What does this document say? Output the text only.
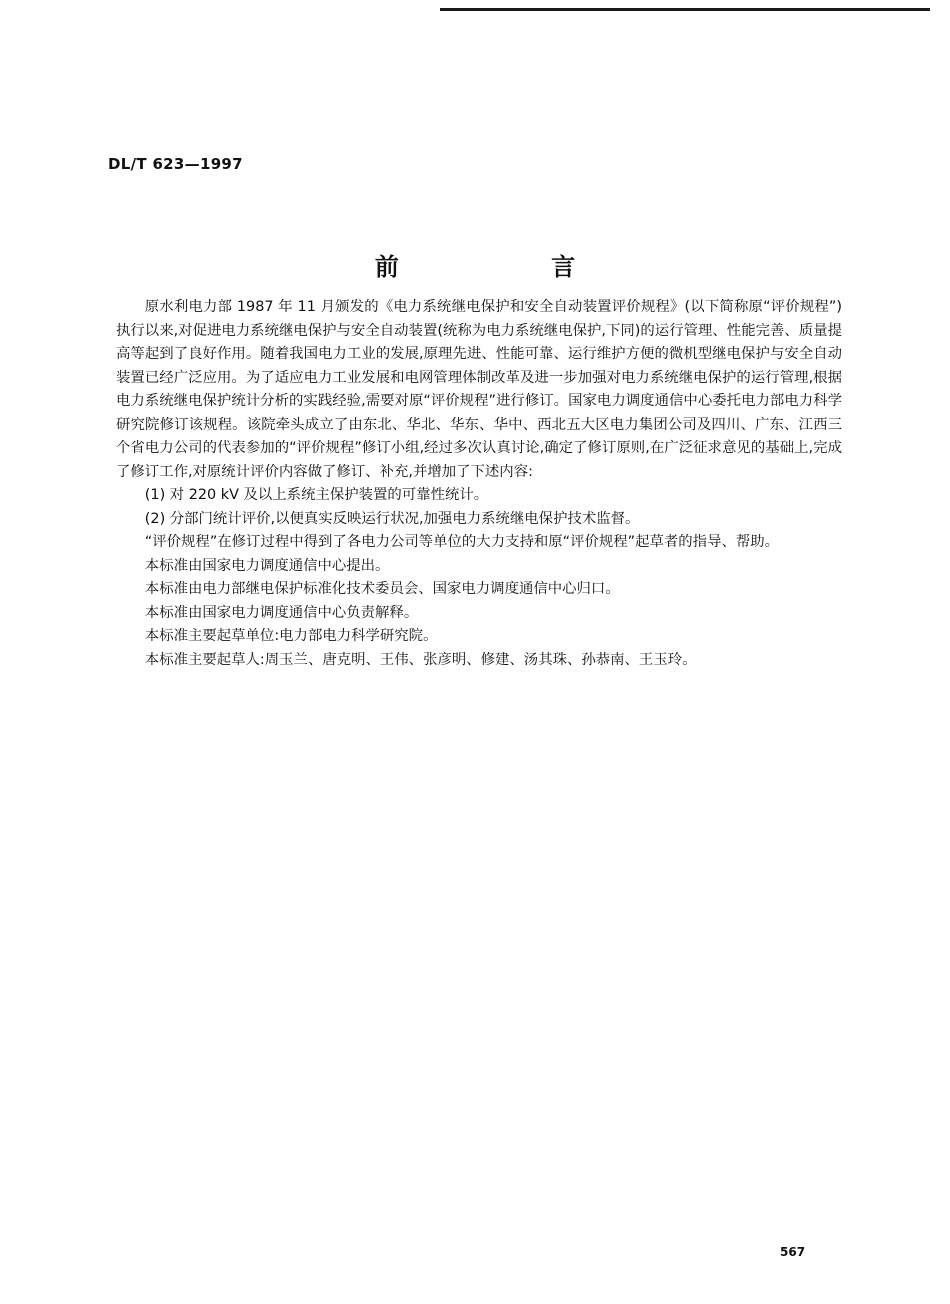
DL/T 623—1997
前 言

原水利电力部 1987 年 11 月颁发的《电力系统继电保护和安全自动装置评价规程》(以下简称原“评价规程”)执行以来,对促进电力系统继电保护与安全自动装置(统称为电力系统继电保护,下同)的运行管理、性能完善、质量提高等起到了良好作用。随着我国电力工业的发展,原理先进、性能可靠、运行维护方便的微机型继电保护与安全自动装置已经广泛应用。为了适应电力工业发展和电网管理体制改革及进一步加强对电力系统继电保护的运行管理,根据电力系统继电保护统计分析的实践经验,需要对原“评价规程”进行修订。国家电力调度通信中心委托电力部电力科学研究院修订该规程。该院牵头成立了由东北、华北、华东、华中、西北五大区电力集团公司及四川、广东、江西三个省电力公司的代表参加的“评价规程”修订小组,经过多次认真讨论,确定了修订原则,在广泛征求意见的基础上,完成了修订工作,对原统计评价内容做了修订、补充,并增加了下述内容:

(1) 对 220 kV 及以上系统主保护装置的可靠性统计。

(2) 分部门统计评价,以便真实反映运行状况,加强电力系统继电保护技术监督。

“评价规程”在修订过程中得到了各电力公司等单位的大力支持和原“评价规程”起草者的指导、帮助。

本标准由国家电力调度通信中心提出。

本标准由电力部继电保护标准化技术委员会、国家电力调度通信中心归口。

本标准由国家电力调度通信中心负责解释。

本标准主要起草单位:电力部电力科学研究院。

本标准主要起草人:周玉兰、唐克明、王伟、张彦明、修建、汤其珠、孙恭南、王玉玲。

567
